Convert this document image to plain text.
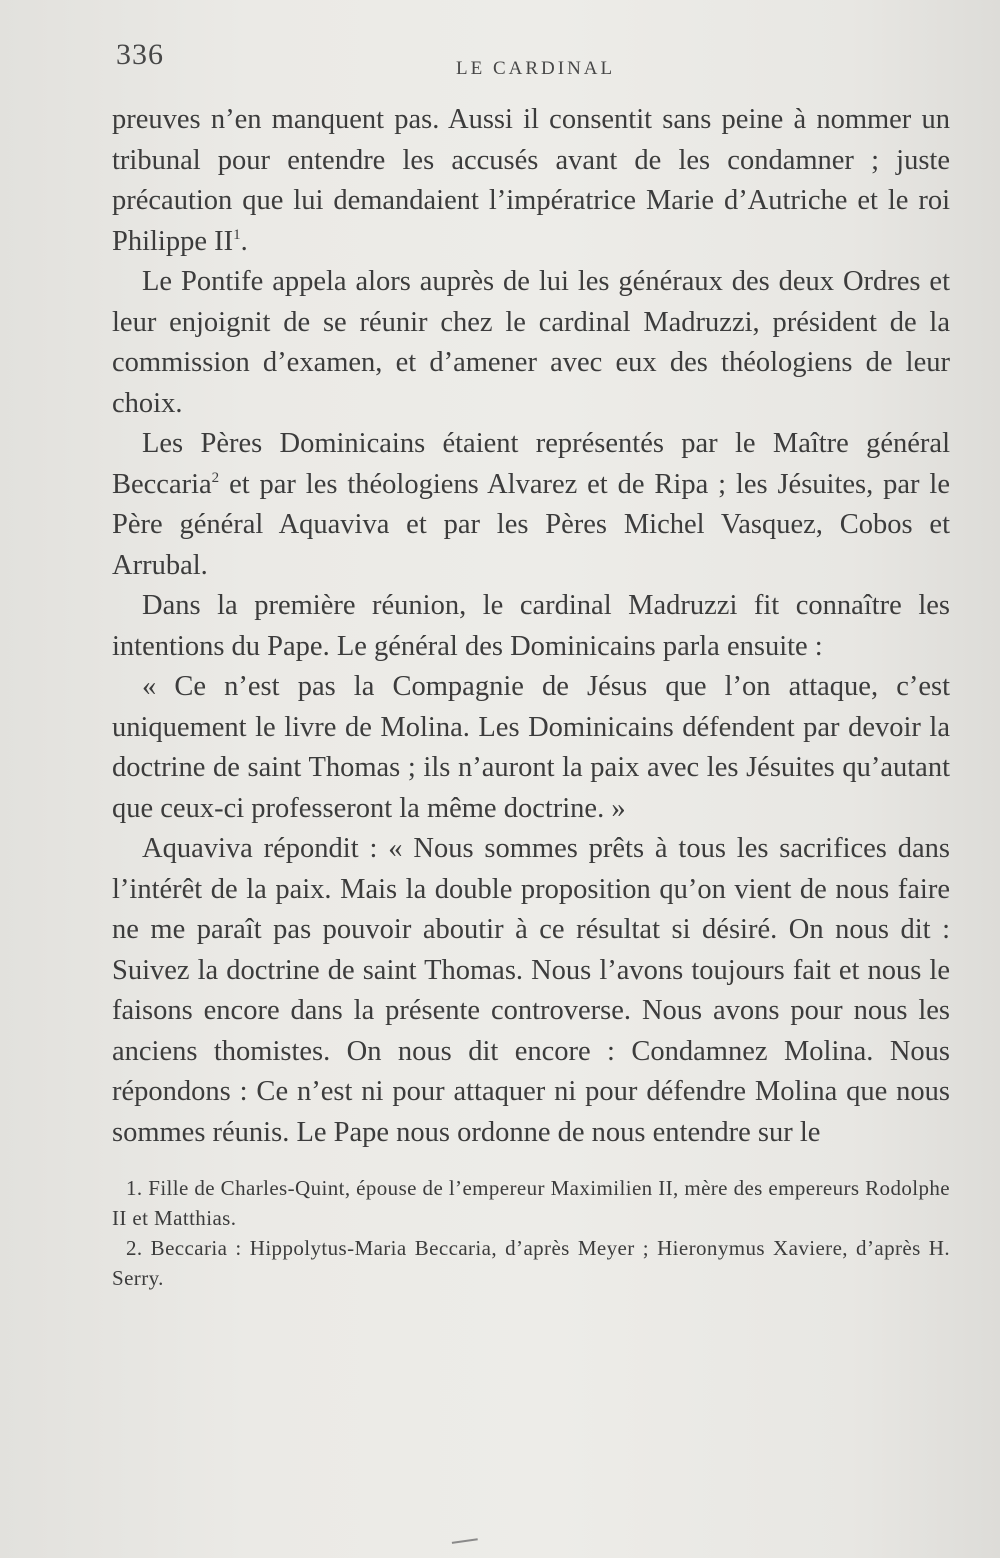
336	LE CARDINAL

preuves n’en manquent pas. Aussi il consentit sans peine à nommer un tribunal pour entendre les accusés avant de les condamner ; juste précaution que lui demandaient l’impératrice Marie d’Autriche et le roi Philippe $II^1$.

Le Pontife appela alors auprès de lui les généraux des deux Ordres et leur enjoignit de se réunir chez le cardinal Madruzzi, président de la commission d’examen, et d’amener avec eux des théologiens de leur choix.

Les Pères Dominicains étaient représentés par le Maître général Beccaria$^2$ et par les théologiens Alvarez et de Ripa ; les Jésuites, par le Père général Aquaviva et par les Pères Michel Vasquez, Cobos et Arrubal.

Dans la première réunion, le cardinal Madruzzi fit connaître les intentions du Pape. Le général des Dominicains parla ensuite :

« Ce n’est pas la Compagnie de Jésus que l’on attaque, c’est uniquement le livre de Molina. Les Dominicains défendent par devoir la doctrine de saint Thomas ; ils n’auront la paix avec les Jésuites qu’autant que ceux-ci professeront la même doctrine. »

Aquaviva répondit : « Nous sommes prêts à tous les sacrifices dans l’intérêt de la paix. Mais la double proposition qu’on vient de nous faire ne me paraît pas pouvoir aboutir à ce résultat si désiré. On nous dit : Suivez la doctrine de saint Thomas. Nous l’avons toujours fait et nous le faisons encore dans la présente controverse. Nous avons pour nous les anciens thomistes. On nous dit encore : Condamnez Molina. Nous répondons : Ce n’est ni pour attaquer ni pour défendre Molina que nous sommes réunis. Le Pape nous ordonne de nous entendre sur le

1. Fille de Charles-Quint, épouse de l’empereur Maximilien II, mère des empereurs Rodolphe II et Matthias.

2. Beccaria : Hippolytus-Maria Beccaria, d’après Meyer ; Hieronymus Xaviere, d’après H. Serry.
